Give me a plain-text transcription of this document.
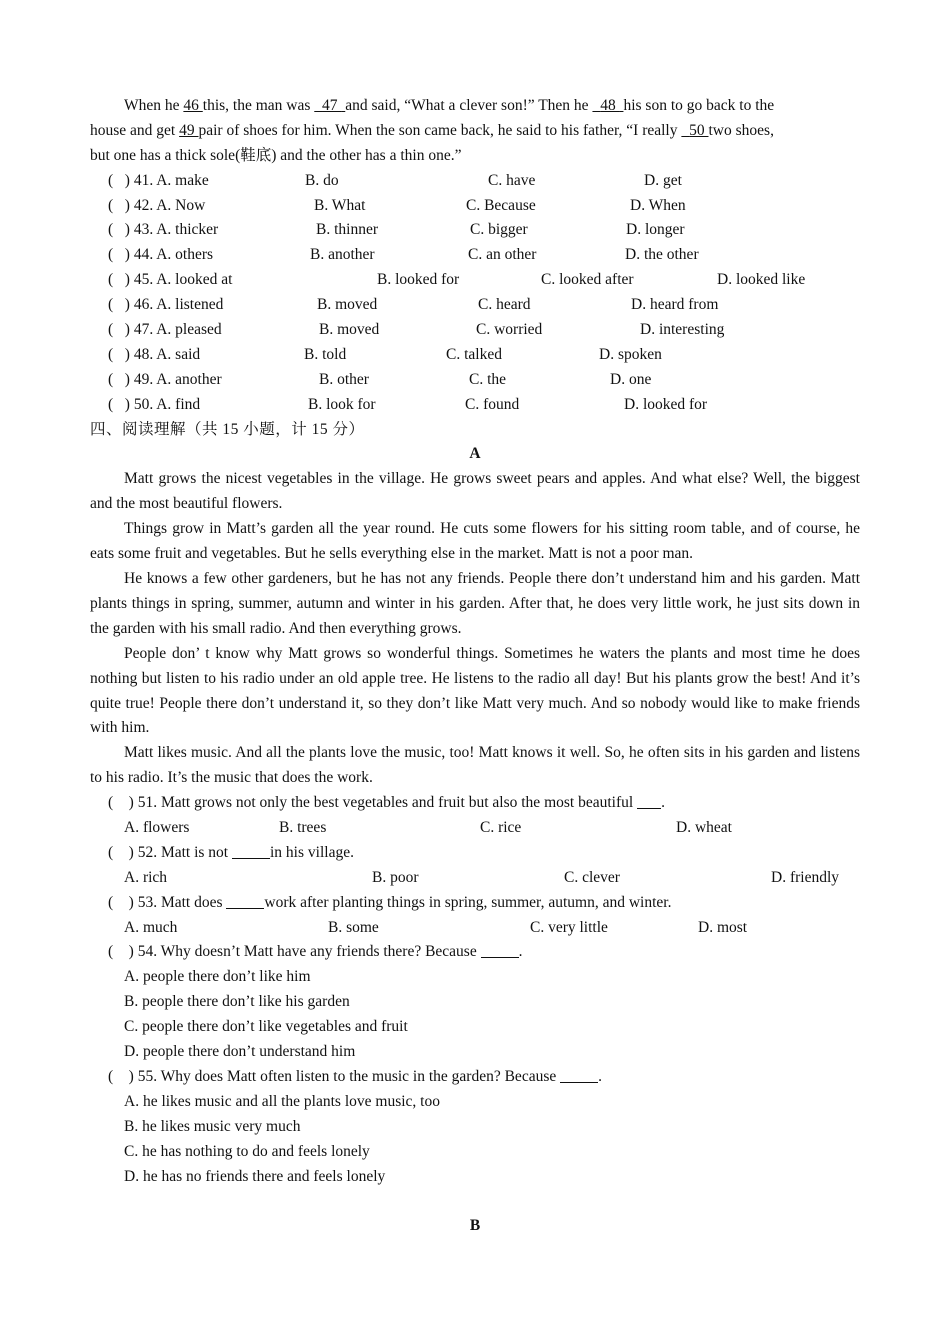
When he 46 this, the man was   47  and said, “What a clever son!” Then he   48  his son to go back to the
house and get 49 pair of shoes for him. When the son came back, he said to his father, “I really   50 two shoes,
but one has a thick sole(鞋底) and the other has a thin one.”
(   ) 41. A. make	B. do	C. have	D. get
(   ) 42. A. Now	B. What	C. Because	D. When
(   ) 43. A. thicker	B. thinner	C. bigger	D. longer
(   ) 44. A. others	B. another	C. an other	D. the other
(   ) 45. A. looked at	B. looked for	C. looked after	D. looked like
(   ) 46. A. listened	B. moved	C. heard	D. heard from
(   ) 47. A. pleased	B. moved	C. worried	D. interesting
(   ) 48. A. said	B. told	C. talked	D. spoken
(   ) 49. A. another	B. other	C. the	D. one
(   ) 50. A. find	B. look for	C. found	D. looked for
四、阅读理解（共 15 小题，计 15 分）
A
Matt grows the nicest vegetables in the village. He grows sweet pears and apples. And what else? Well, the biggest and the most beautiful flowers.
Things grow in Matt’s garden all the year round. He cuts some flowers for his sitting room table, and of course, he eats some fruit and vegetables. But he sells everything else in the market. Matt is not a poor man.
He knows a few other gardeners, but he has not any friends. People there don’t understand him and his garden. Matt plants things in spring, summer, autumn and winter in his garden. After that, he does very little work, he just sits down in the garden with his small radio. And then everything grows.
People don’ t know why Matt grows so wonderful things. Sometimes he waters the plants and most time he does nothing but listen to his radio under an old apple tree. He listens to the radio all day! But his plants grow the best! And it’s quite true! People there don’t understand it, so they don’t like Matt very much. And so nobody would like to make friends with him.
Matt likes music. And all the plants love the music, too! Matt knows it well. So, he often sits in his garden and listens to his radio. It’s the music that does the work.
(    ) 51. Matt grows not only the best vegetables and fruit but also the most beautiful .
A. flowers	B. trees	C. rice	D. wheat
(    ) 52. Matt is not in his village.
A. rich	B. poor	C. clever	D. friendly
(    ) 53. Matt does work after planting things in spring, summer, autumn, and winter.
A. much	B. some	C. very little	D. most
(    ) 54. Why doesn’t Matt have any friends there? Because .
A. people there don’t like him
B. people there don’t like his garden
C. people there don’t like vegetables and fruit
D. people there don’t understand him
(    ) 55. Why does Matt often listen to the music in the garden? Because .
A. he likes music and all the plants love music, too
B. he likes music very much
C. he has nothing to do and feels lonely
D. he has no friends there and feels lonely
B
